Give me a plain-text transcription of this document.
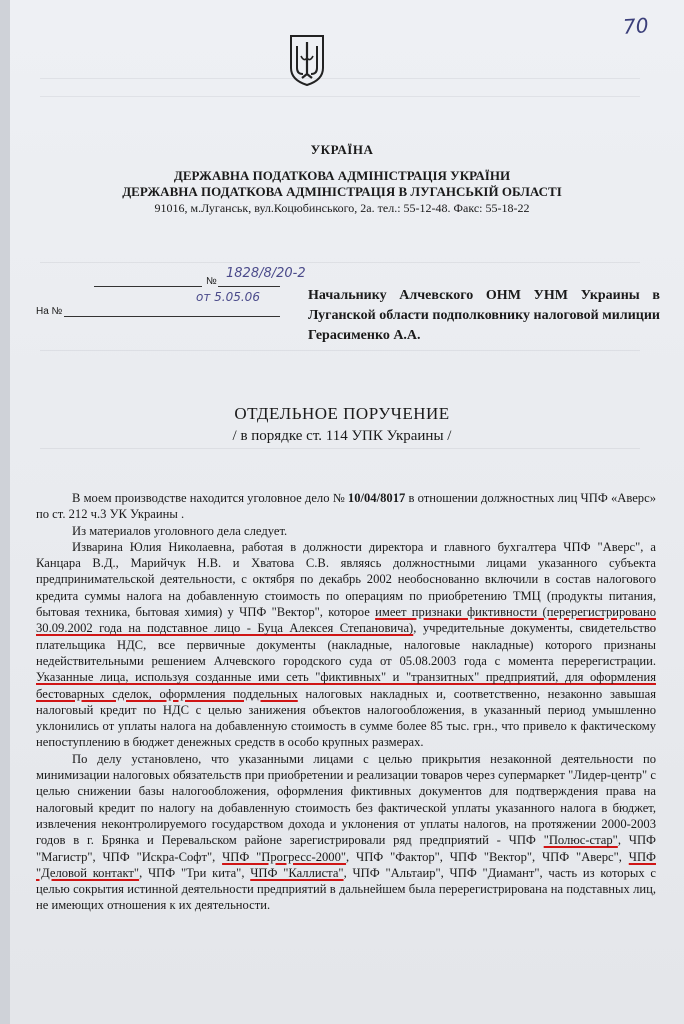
70
УКРАЇНА
ДЕРЖАВНА ПОДАТКОВА АДМІНІСТРАЦІЯ УКРАЇНИ
ДЕРЖАВНА ПОДАТКОВА АДМІНІСТРАЦІЯ В ЛУГАНСЬКІЙ ОБЛАСТІ
91016, м.Луганськ, вул.Коцюбинського, 2а. тел.: 55-12-48. Факс: 55-18-22
№
1828/8/20-2
от 5.05.06
На №
Начальнику Алчевского ОНМ УНМ Украины в Луганской области подполковнику налоговой милиции Герасименко А.А.
ОТДЕЛЬНОЕ ПОРУЧЕНИЕ
/ в порядке ст. 114 УПК Украины /

В моем производстве находится уголовное дело № 10/04/8017 в отношении должностных лиц ЧПФ «Аверс» по ст. 212 ч.3 УК Украины .

Из материалов уголовного дела следует.

Изварина Юлия Николаевна, работая в должности директора и главного бухгалтера ЧПФ "Аверс", а Канцара В.Д., Марийчук Н.В. и Хватова С.В. являясь должностными лицами указанного субъекта предпринимательской деятельности, с октября по декабрь 2002 необоснованно включили в состав налогового кредита суммы налога на добавленную стоимость по операциям по приобретению ТМЦ (продукты питания, бытовая техника, бытовая химия) у ЧПФ "Вектор", которое имеет признаки фиктивности (перерегистрировано 30.09.2002 года на подставное лицо - Буца Алексея Степановича), учредительные документы, свидетельство плательщика НДС, все первичные документы (накладные, налоговые накладные) которого признаны недействительными решением Алчевского городского суда от 05.08.2003 года с момента перерегистрации. Указанные лица, используя созданные ими сеть "фиктивных" и "транзитных" предприятий, для оформления бестоварных сделок, оформления поддельных налоговых накладных и, соответственно, незаконно завышая налоговый кредит по НДС с целью занижения объектов налогообложения, в указанный период умышленно уклонились от уплаты налога на добавленную стоимость в сумме более 85 тыс. грн., что привело к фактическому непоступлению в бюджет денежных средств в особо крупных размерах.

По делу установлено, что указанными лицами с целью прикрытия незаконной деятельности по минимизации налоговых обязательств при приобретении и реализации товаров через супермаркет "Лидер-центр" с целью снижении базы налогообложения, оформления фиктивных документов для подтверждения права на налоговый кредит по налогу на добавленную стоимость без фактической уплаты указанного налога в бюджет, извлечения неконтролируемого государством дохода и уклонения от уплаты налогов, на протяжении 2000-2003 годов в г. Брянка и Перевальском районе зарегистрировали ряд предприятий - ЧПФ "Полюс-стар", ЧПФ "Магистр", ЧПФ "Искра-Софт", ЧПФ "Прогресс-2000", ЧПФ "Фактор", ЧПФ "Вектор", ЧПФ "Аверс", ЧПФ "Деловой контакт", ЧПФ "Три кита", ЧПФ "Каллиста", ЧПФ "Альтаир", ЧПФ "Диамант", часть из которых с целью сокрытия истинной деятельности предприятий в дальнейшем была перерегистрирована на подставных лиц, не имеющих отношения к их деятельности.
